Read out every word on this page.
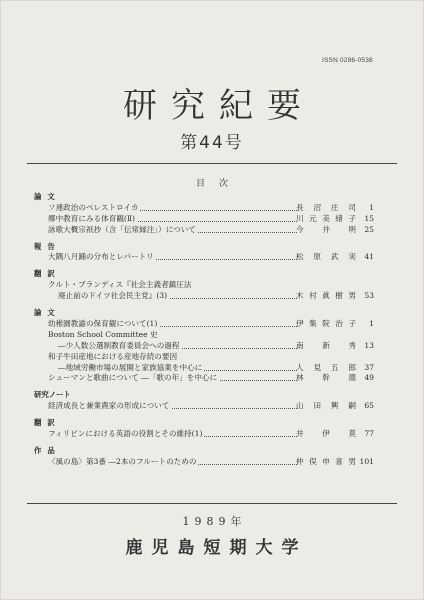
ISSN 0286-0538
研究紀要
第44号
目次
論文
ソ連政治のペレストロイカ	長 沼 庄 司 1
郷中教育にみる体育観(Ⅱ)	川 元 美 緒 子 15
詠歌大概宗祇抄（含「伝常縁注」）について	今 井 明 25
報告
大隅八月踊の分布とレパートリ	松 原 武 実 41
翻訳
クルト・ブランディス『社会主義者鎮圧法
廃止前のドイツ社会民主党』(3)	木 村 眞 樹 男 53
論文
幼稚園教諭の保育観について(1)	伊 集 院 治 子 1
Boston School Committee 史
―少人数公選制教育委員会への過程	南 新 秀 13
和子牛田産地における産地存続の要因
―地域労働市場の展開と家族協業を中心に	人 見 五 郎 37
シューマンと歌曲について ―「歌の年」を中心に	林 幹 德 49
研究ノート
経済成長と兼業農家の形成について	山 田 興 嗣 65
翻訳
フィリピンにおける英語の役割とその維持(1)	井 伊 莫 77
作品
〈風の島〉第3番 ―2本のフルートのための	仲 俣 申 喜 男 101
1989年
鹿児島短期大学
